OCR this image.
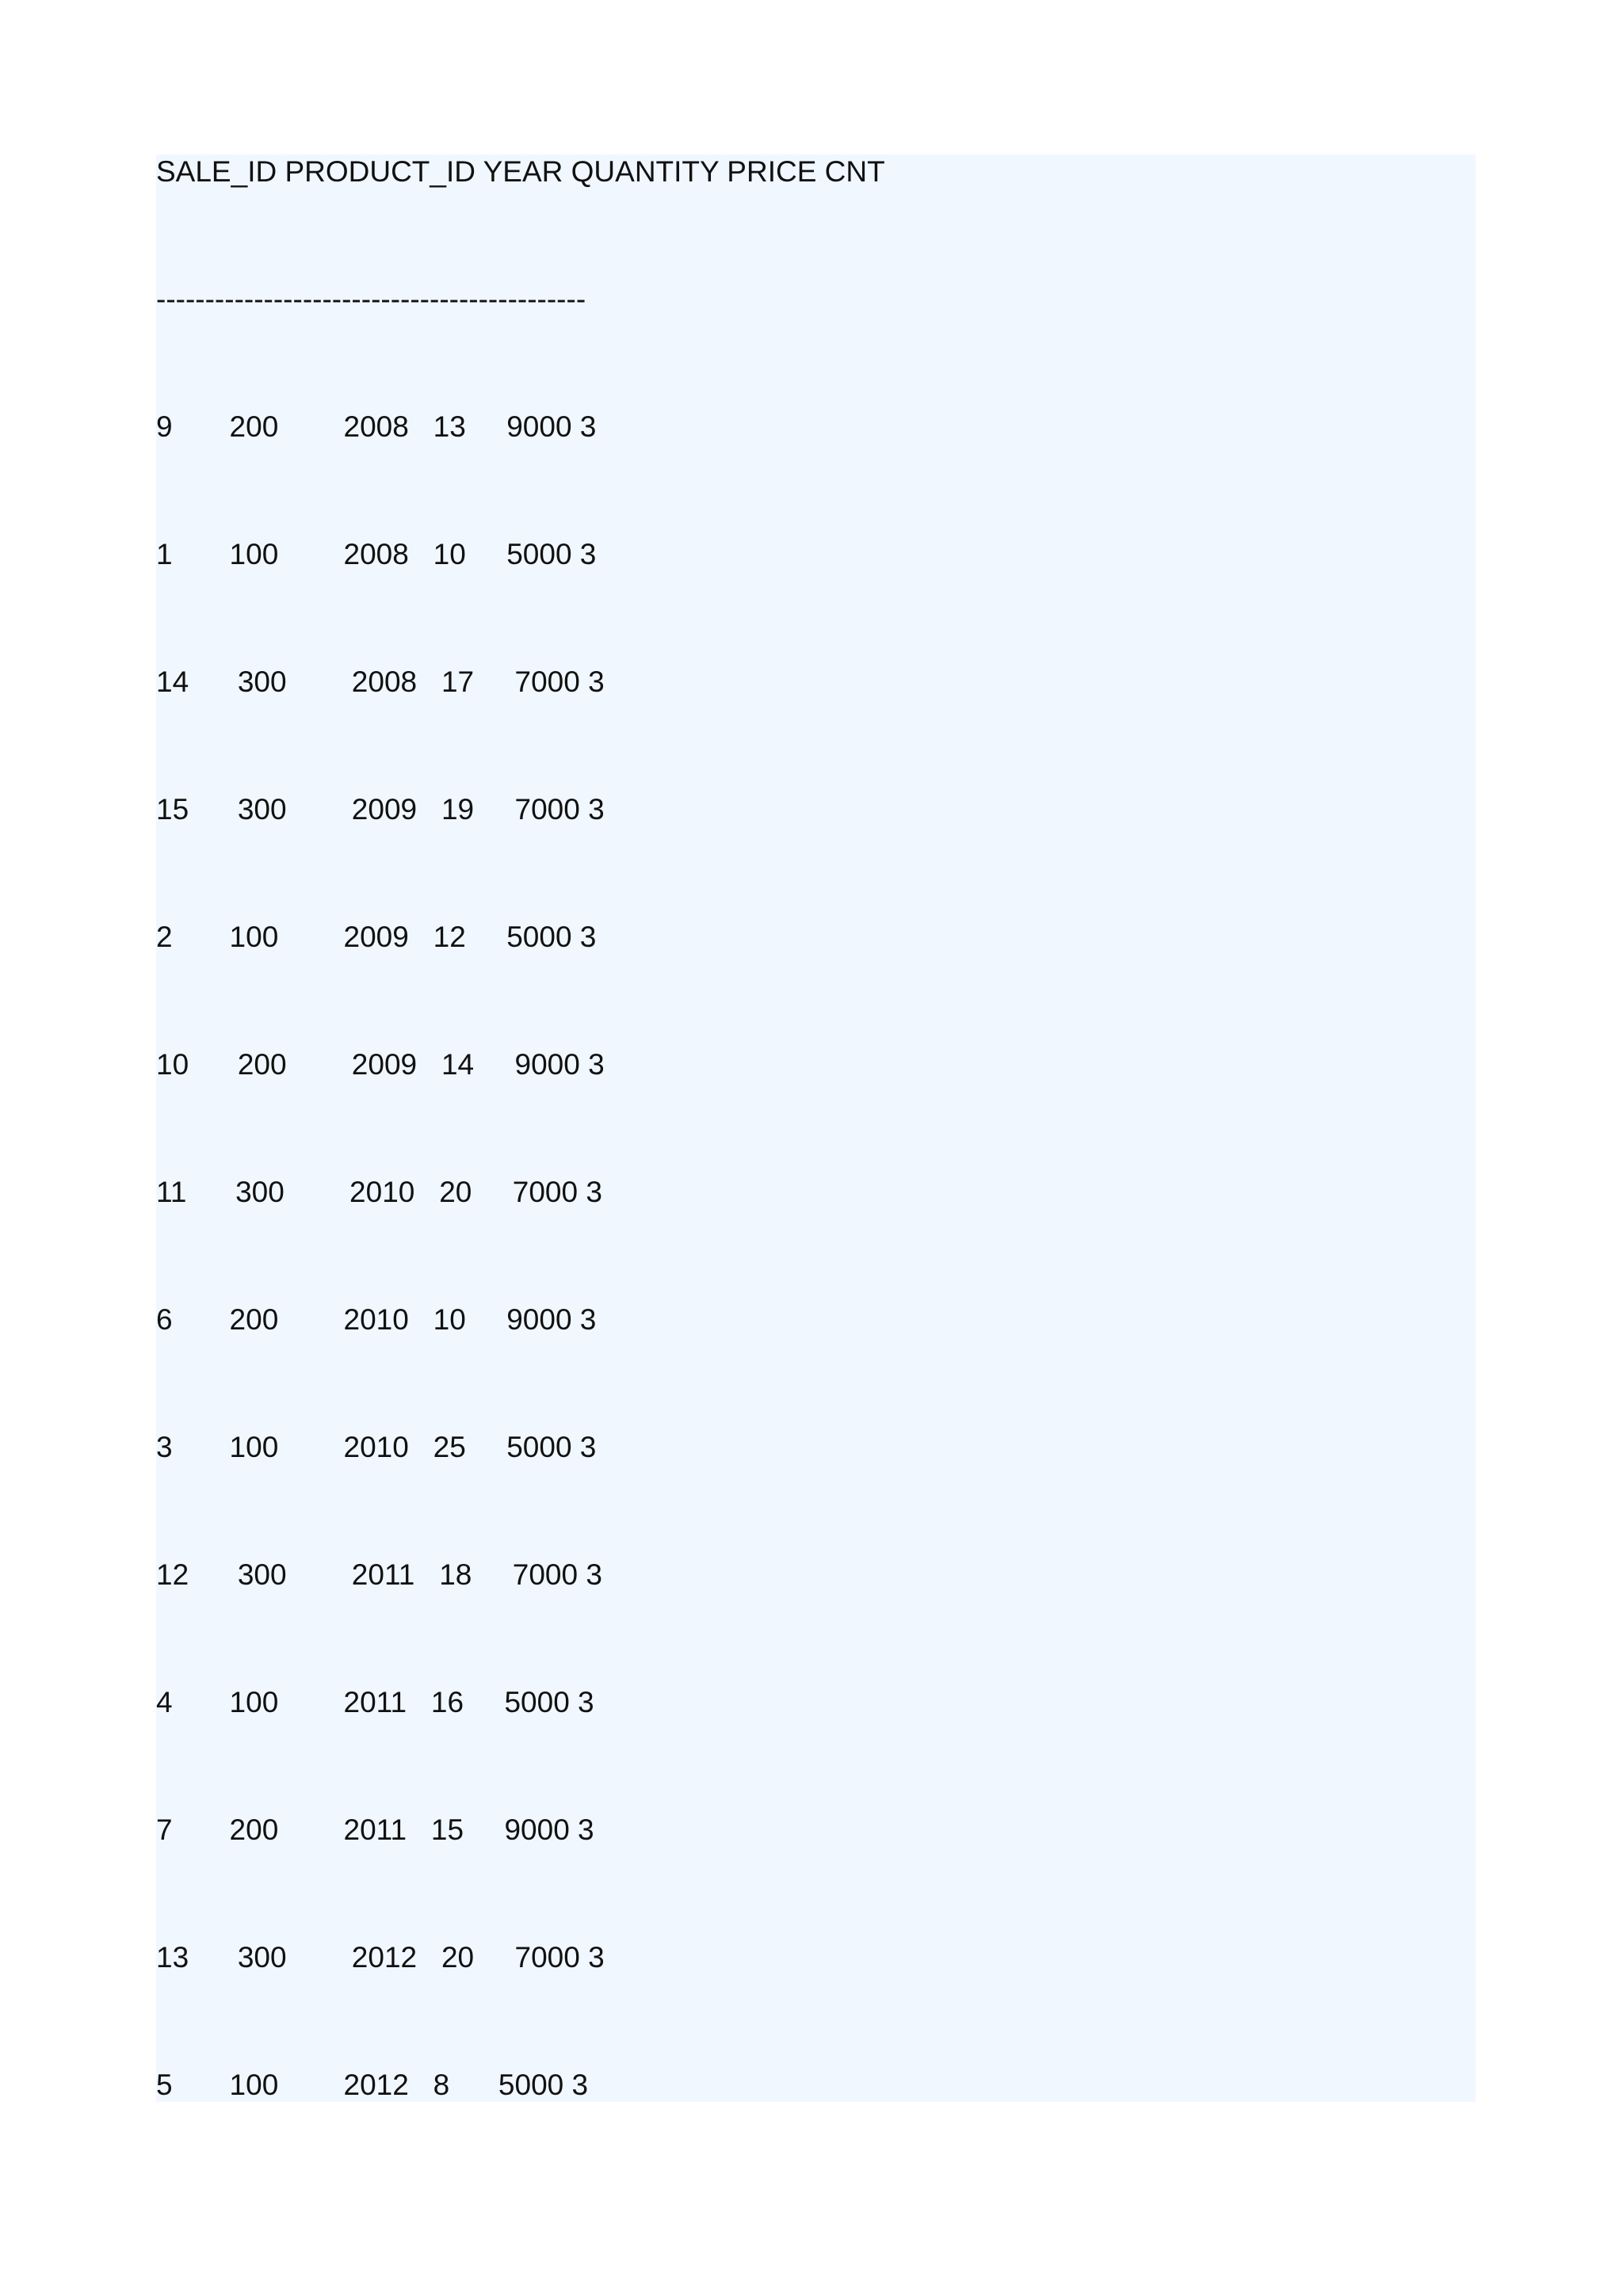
SALE_ID PRODUCT_ID YEAR QUANTITY PRICE CNT
--------------------------------------------
9       200        2008   13     9000 3
1       100        2008   10     5000 3
14      300        2008   17     7000 3
15      300        2009   19     7000 3
2       100        2009   12     5000 3
10      200        2009   14     9000 3
11      300        2010   20     7000 3
6       200        2010   10     9000 3
3       100        2010   25     5000 3
12      300        2011   18     7000 3
4       100        2011   16     5000 3
7       200        2011   15     9000 3
13      300        2012   20     7000 3
5       100        2012   8      5000 3
